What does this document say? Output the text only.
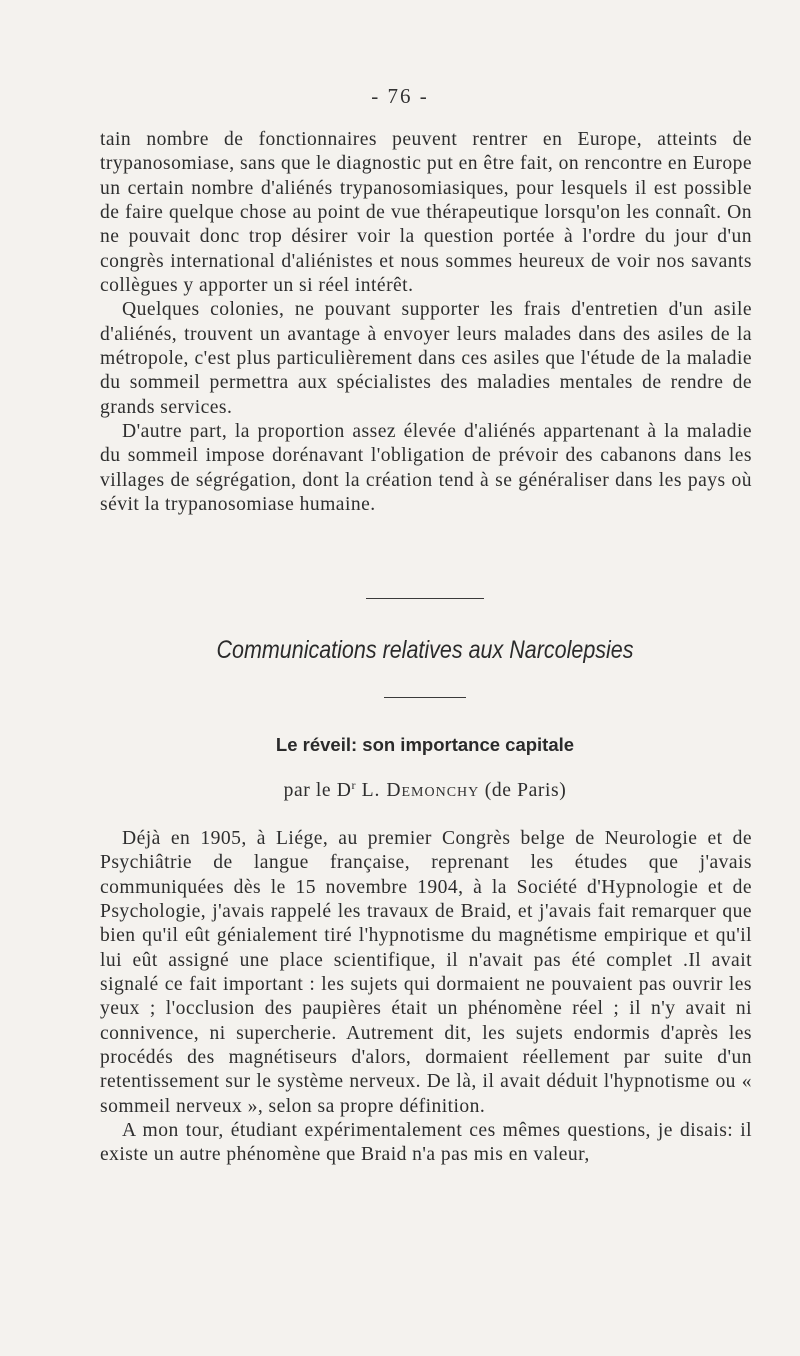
- 76 -

tain nombre de fonctionnaires peuvent rentrer en Europe, atteints de trypanosomiase, sans que le diagnostic put en être fait, on rencontre en Europe un certain nombre d'aliénés trypanosomiasiques, pour lesquels il est possible de faire quelque chose au point de vue thérapeutique lorsqu'on les connaît. On ne pouvait donc trop désirer voir la question portée à l'ordre du jour d'un congrès international d'aliénistes et nous sommes heureux de voir nos savants collègues y apporter un si réel intérêt.

Quelques colonies, ne pouvant supporter les frais d'entretien d'un asile d'aliénés, trouvent un avantage à envoyer leurs malades dans des asiles de la métropole, c'est plus particulièrement dans ces asiles que l'étude de la maladie du sommeil permettra aux spécialistes des maladies mentales de rendre de grands services.

D'autre part, la proportion assez élevée d'aliénés appartenant à la maladie du sommeil impose dorénavant l'obligation de prévoir des cabanons dans les villages de ségrégation, dont la création tend à se généraliser dans les pays où sévit la trypanosomiase humaine.

Communications relatives aux Narcolepsies
Le réveil: son importance capitale
par le $D^r$ L. Demonchy (de Paris)

Déjà en 1905, à Liége, au premier Congrès belge de Neurologie et de Psychiâtrie de langue française, reprenant les études que j'avais communiquées dès le 15 novembre 1904, à la Société d'Hypnologie et de Psychologie, j'avais rappelé les travaux de Braid, et j'avais fait remarquer que bien qu'il eût génialement tiré l'hypnotisme du magnétisme empirique et qu'il lui eût assigné une place scientifique, il n'avait pas été complet .Il avait signalé ce fait important : les sujets qui dormaient ne pouvaient pas ouvrir les yeux ; l'occlusion des paupières était un phénomène réel ; il n'y avait ni connivence, ni supercherie. Autrement dit, les sujets endormis d'après les procédés des magnétiseurs d'alors, dormaient réellement par suite d'un retentissement sur le système nerveux. De là, il avait déduit l'hypnotisme ou « sommeil nerveux », selon sa propre définition.

A mon tour, étudiant expérimentalement ces mêmes questions, je disais: il existe un autre phénomène que Braid n'a pas mis en valeur,
